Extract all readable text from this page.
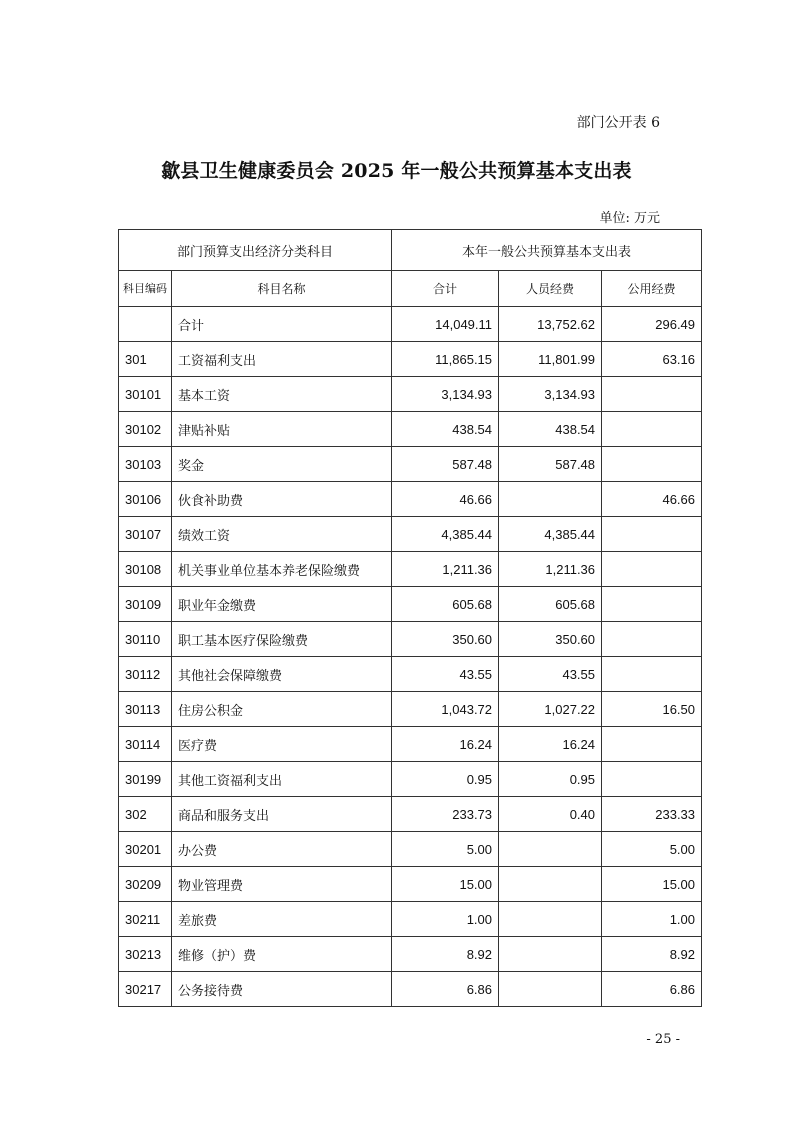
部门公开表 6
歙县卫生健康委员会 2025 年一般公共预算基本支出表
单位: 万元
部门预算支出经济分类科目		本年一般公共预算基本支出表		
科目编码	科目名称	合计	人员经费	公用经费
	合计	14,049.11	13,752.62	296.49
301	工资福利支出	11,865.15	11,801.99	63.16
30101	基本工资	3,134.93	3,134.93	
30102	津贴补贴	438.54	438.54	
30103	奖金	587.48	587.48	
30106	伙食补助费	46.66		46.66
30107	绩效工资	4,385.44	4,385.44	
30108	机关事业单位基本养老保险缴费	1,211.36	1,211.36	
30109	职业年金缴费	605.68	605.68	
30110	职工基本医疗保险缴费	350.60	350.60	
30112	其他社会保障缴费	43.55	43.55	
30113	住房公积金	1,043.72	1,027.22	16.50
30114	医疗费	16.24	16.24	
30199	其他工资福利支出	0.95	0.95	
302	商品和服务支出	233.73	0.40	233.33
30201	办公费	5.00		5.00
30209	物业管理费	15.00		15.00
30211	差旅费	1.00		1.00
30213	维修（护）费	8.92		8.92
30217	公务接待费	6.86		6.86
- 25 -
